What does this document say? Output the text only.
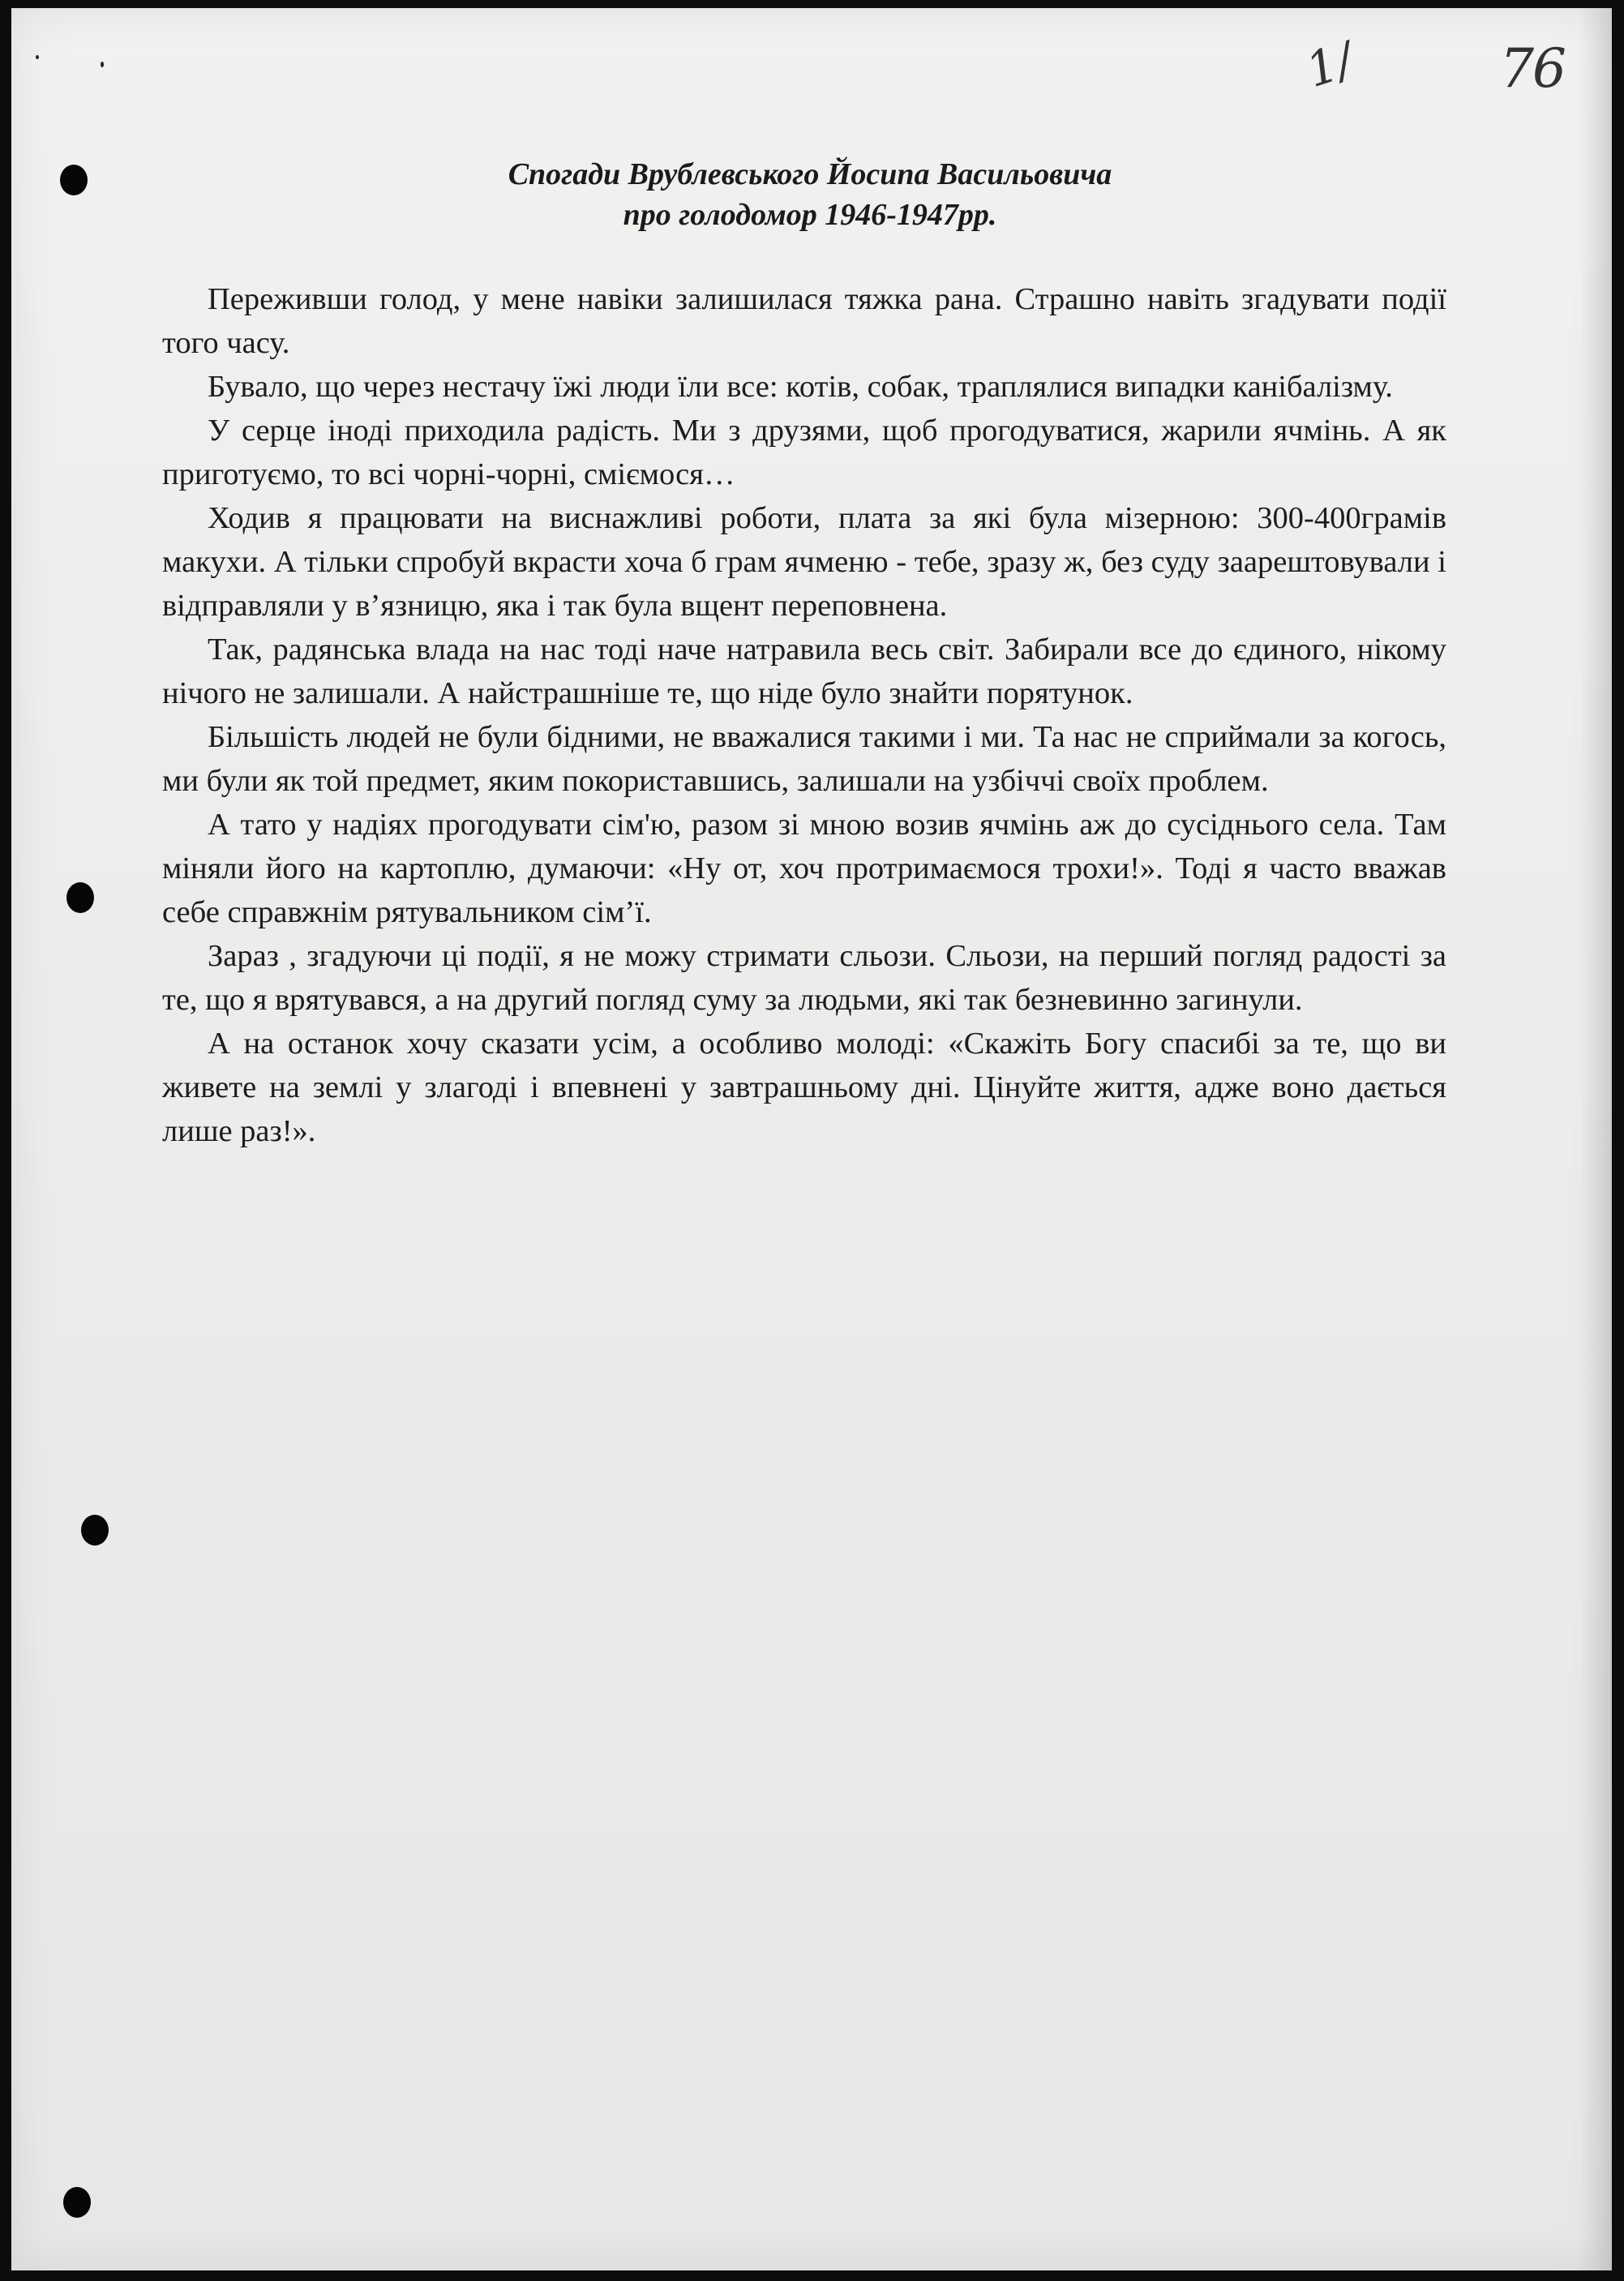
1/	76
Спогади Врублевського Йосипа Васильовича
про голодомор 1946-1947рр.

Переживши голод, у мене навіки залишилася тяжка рана. Страшно навіть згадувати події того часу.

Бувало, що через нестачу їжі люди їли все: котів, собак, траплялися випадки канібалізму.

У серце іноді приходила радість. Ми з друзями, щоб прогодуватися, жарили ячмінь. А як приготуємо, то всі чорні-чорні, сміємося…

Ходив я працювати на виснажливі роботи, плата за які була мізерною: 300-400грамів макухи. А тільки спробуй вкрасти хоча б грам ячменю - тебе, зразу ж, без суду заарештовували і відправляли у в’язницю, яка і так була вщент переповнена.

Так, радянська влада на нас тоді наче натравила весь світ. Забирали все до єдиного, нікому нічого не залишали. А найстрашніше те, що ніде було знайти порятунок.

Більшість людей не були бідними, не вважалися такими і ми. Та нас не сприймали за когось, ми були як той предмет, яким покориставшись, залишали на узбіччі своїх проблем.

А тато у надіях прогодувати сім'ю, разом зі мною возив ячмінь аж до сусіднього села. Там міняли його на картоплю, думаючи: «Ну от, хоч протримаємося трохи!». Тоді я часто вважав себе справжнім рятувальником сім’ї.

Зараз , згадуючи ці події, я не можу стримати сльози. Сльози, на перший погляд радості за те, що я врятувався, а на другий погляд суму за людьми, які так безневинно загинули.

А на останок хочу сказати усім, а особливо молоді: «Скажіть Богу спасибі за те, що ви живете на землі у злагоді і впевнені у завтрашньому дні. Цінуйте життя, адже воно дається лише раз!».
